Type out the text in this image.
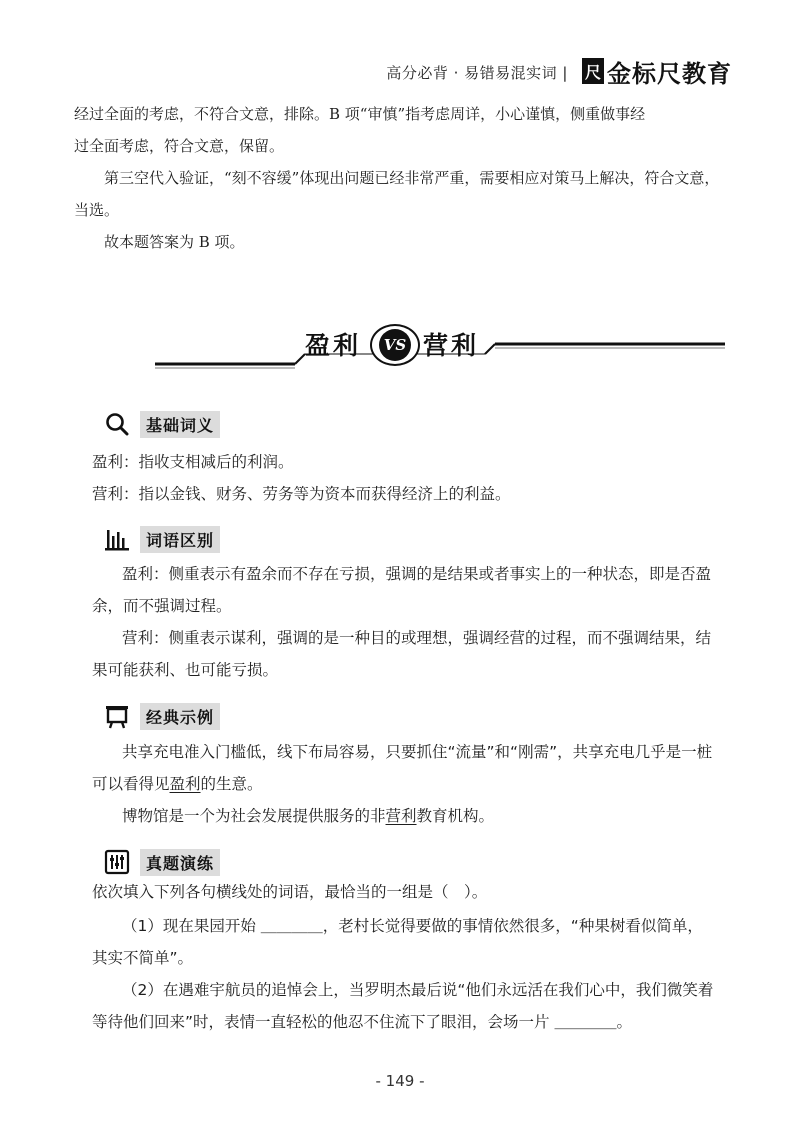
高分必背 · 易错易混实词 | 尺 金标尺教育

经过全面的考虑，不符合文意，排除。B 项“审慎”指考虑周详，小心谨慎，侧重做事经
过全面考虑，符合文意，保留。

第三空代入验证，“刻不容缓”体现出问题已经非常严重，需要相应对策马上解决，符合文意，当选。

故本题答案为 B 项。

盈利	VS 营利
基础词义

盈利：指收支相减后的利润。
营利：指以金钱、财务、劳务等为资本而获得经济上的利益。

词语区别

盈利：侧重表示有盈余而不存在亏损，强调的是结果或者事实上的一种状态，即是否盈余，而不强调过程。

营利：侧重表示谋利，强调的是一种目的或理想，强调经营的过程，而不强调结果，结果可能获利、也可能亏损。

经典示例

共享充电准入门槛低，线下布局容易，只要抓住“流量”和“刚需”，共享充电几乎是一桩可以看得见盈利的生意。

博物馆是一个为社会发展提供服务的非营利教育机构。

真题演练

依次填入下列各句横线处的词语，最恰当的一组是（　）。

（1）现在果园开始 ＿＿＿＿，老村长觉得要做的事情依然很多，“种果树看似简单，其实不简单”。

（2）在遇难宇航员的追悼会上，当罗明杰最后说“他们永远活在我们心中，我们微笑着等待他们回来”时，表情一直轻松的他忍不住流下了眼泪，会场一片 ＿＿＿＿。

- 149 -
